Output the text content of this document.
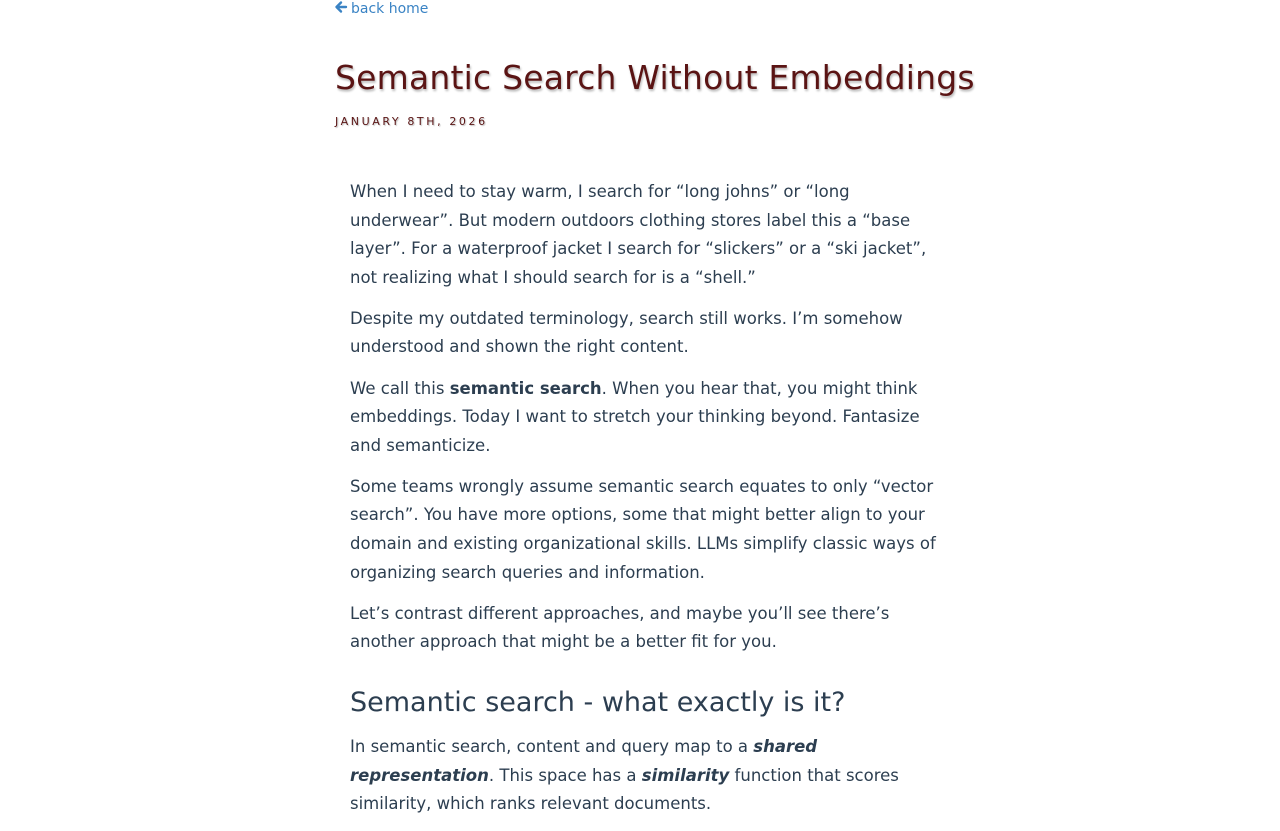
back home
Semantic Search Without Embeddings
JANUARY 8TH, 2026

When I need to stay warm, I search for “long johns” or “long underwear”. But modern outdoors clothing stores label this a “base layer”. For a waterproof jacket I search for “slickers” or a “ski jacket”, not realizing what I should search for is a “shell.”

Despite my outdated terminology, search still works. I’m somehow understood and shown the right content.

We call this semantic search. When you hear that, you might think embeddings. Today I want to stretch your thinking beyond. Fantasize and semanticize.

Some teams wrongly assume semantic search equates to only “vector search”. You have more options, some that might better align to your domain and existing organizational skills. LLMs simplify classic ways of organizing search queries and information.

Let’s contrast different approaches, and maybe you’ll see there’s another approach that might be a better fit for you.

Semantic search - what exactly is it?

In semantic search, content and query map to a shared representation. This space has a similarity function that scores similarity, which ranks relevant documents.
